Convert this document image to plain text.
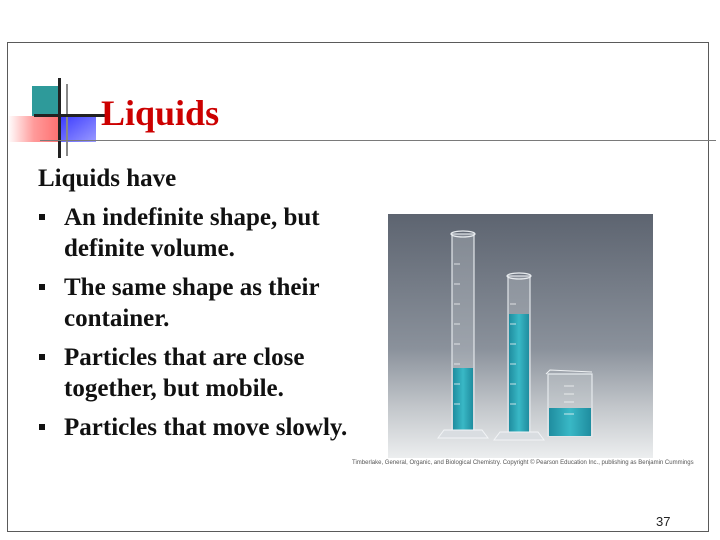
Liquids
Liquids have
An indefinite shape, but definite volume.
The same shape as their container.
Particles that are close together, but mobile.
Particles that move slowly.
Timberlake, General, Organic, and Biological Chemistry. Copyright © Pearson Education Inc., publishing as Benjamin Cummings
37
